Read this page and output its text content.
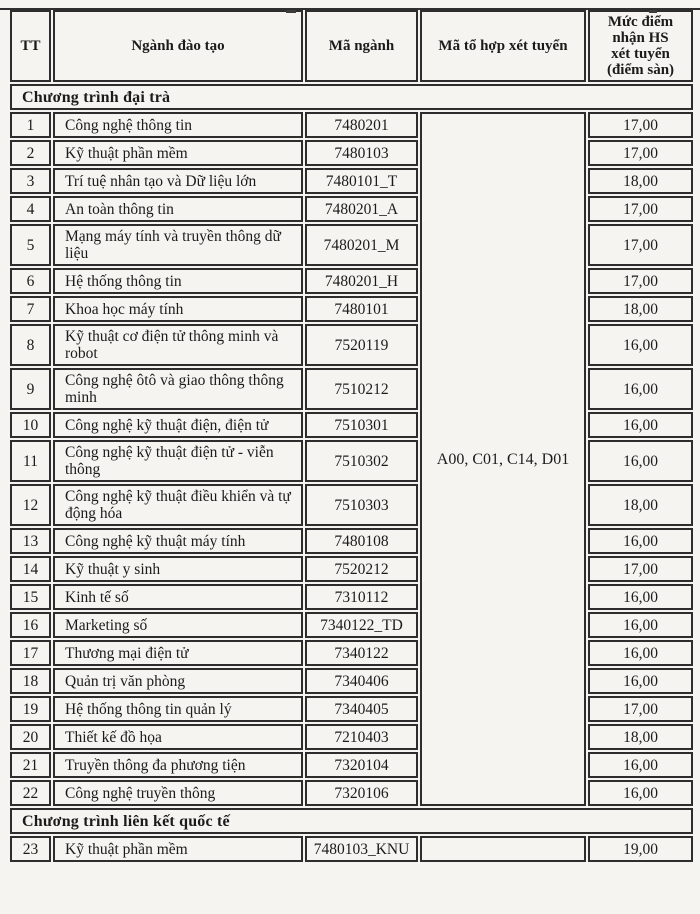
TT	Ngành đào tạo	Mã ngành	Mã tổ hợp xét tuyển	Mức điểm
nhận HS
xét tuyển
(điểm sàn)

Chương trình đại trà				
1	Công nghệ thông tin	7480201	A00, C01, C14, D01	17,00
2	Kỹ thuật phần mềm	7480103		17,00
3	Trí tuệ nhân tạo và Dữ liệu lớn	7480101_T		18,00
4	An toàn thông tin	7480201_A		17,00
5	Mạng máy tính và truyền thông dữ liệu	7480201_M		17,00
6	Hệ thống thông tin	7480201_H		17,00
7	Khoa học máy tính	7480101		18,00
8	Kỹ thuật cơ điện tử thông minh và robot	7520119		16,00
9	Công nghệ ôtô và giao thông thông minh	7510212		16,00
10	Công nghệ kỹ thuật điện, điện tử	7510301		16,00
11	Công nghệ kỹ thuật điện tử - viễn thông	7510302		16,00
12	Công nghệ kỹ thuật điều khiển và tự động hóa	7510303		18,00
13	Công nghệ kỹ thuật máy tính	7480108		16,00
14	Kỹ thuật y sinh	7520212		17,00
15	Kinh tế số	7310112		16,00
16	Marketing số	7340122_TD		16,00
17	Thương mại điện tử	7340122		16,00
18	Quản trị văn phòng	7340406		16,00
19	Hệ thống thông tin quản lý	7340405		17,00
20	Thiết kế đồ họa	7210403		18,00
21	Truyền thông đa phương tiện	7320104		16,00
22	Công nghệ truyền thông	7320106		16,00
Chương trình liên kết quốc tế				
23	Kỹ thuật phần mềm	7480103_KNU		19,00
